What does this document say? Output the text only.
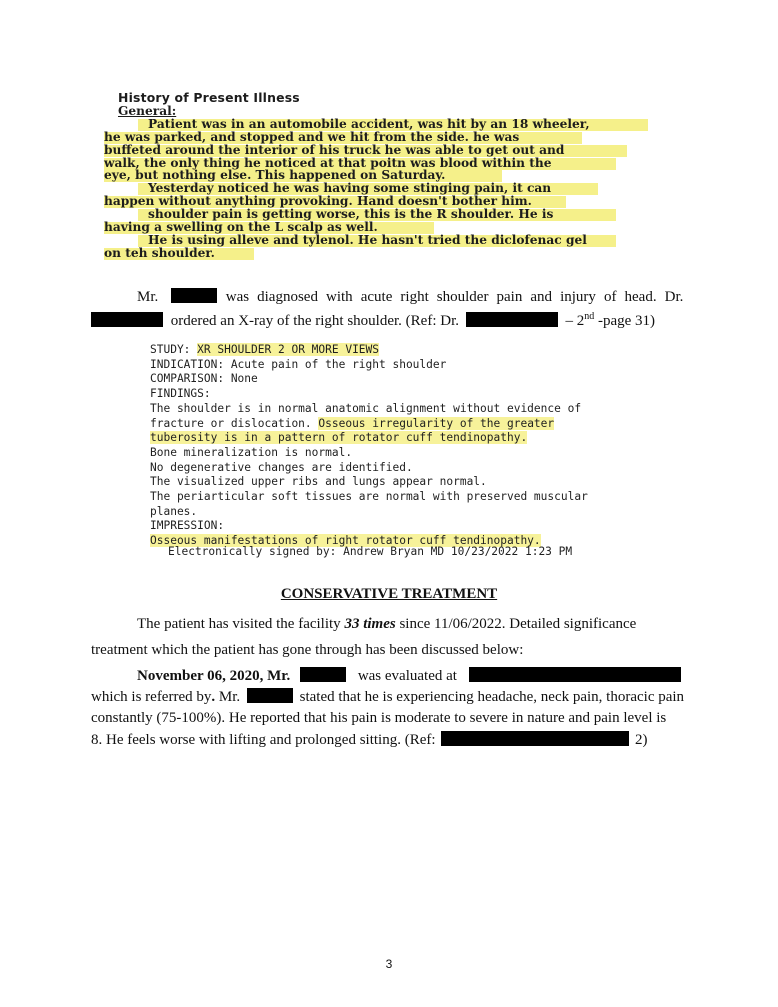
History of Present Illness
General:
Patient was in an automobile accident, was hit by an 18 wheeler,
he was parked, and stopped and we hit from the side. he was
buffeted around the interior of his truck he was able to get out and
walk, the only thing he noticed at that poitn was blood within the
eye, but nothing else. This happened on Saturday.
Yesterday noticed he was having some stinging pain, it can
happen without anything provoking. Hand doesn't bother him.
shoulder pain is getting worse, this is the R shoulder. He is
having a swelling on the L scalp as well.
He is using alleve and tylenol. He hasn't tried the diclofenac gel
on teh shoulder.
Mr.	was diagnosed with acute right shoulder pain and injury of head. Dr.
ordered an X-ray of the right shoulder. (Ref: Dr.	– 2nd -page 31)
STUDY: XR SHOULDER 2 OR MORE VIEWS
INDICATION: Acute pain of the right shoulder
COMPARISON: None
FINDINGS:
The shoulder is in normal anatomic alignment without evidence of
fracture or dislocation. Osseous irregularity of the greater
tuberosity is in a pattern of rotator cuff tendinopathy.
Bone mineralization is normal.
No degenerative changes are identified.
The visualized upper ribs and lungs appear normal.
The periarticular soft tissues are normal with preserved muscular
planes.
IMPRESSION:
Osseous manifestations of right rotator cuff tendinopathy.
Electronically signed by: Andrew Bryan MD 10/23/2022 1:23 PM
CONSERVATIVE TREATMENT
The patient has visited the facility 33 times since 11/06/2022. Detailed significance
treatment which the patient has gone through has been discussed below:
November 06, 2020, Mr.	was evaluated at
which is referred by. Mr.	stated that he is experiencing headache, neck pain, thoracic pain
constantly (75-100%). He reported that his pain is moderate to severe in nature and pain level is
8. He feels worse with lifting and prolonged sitting. (Ref:	2)
3
